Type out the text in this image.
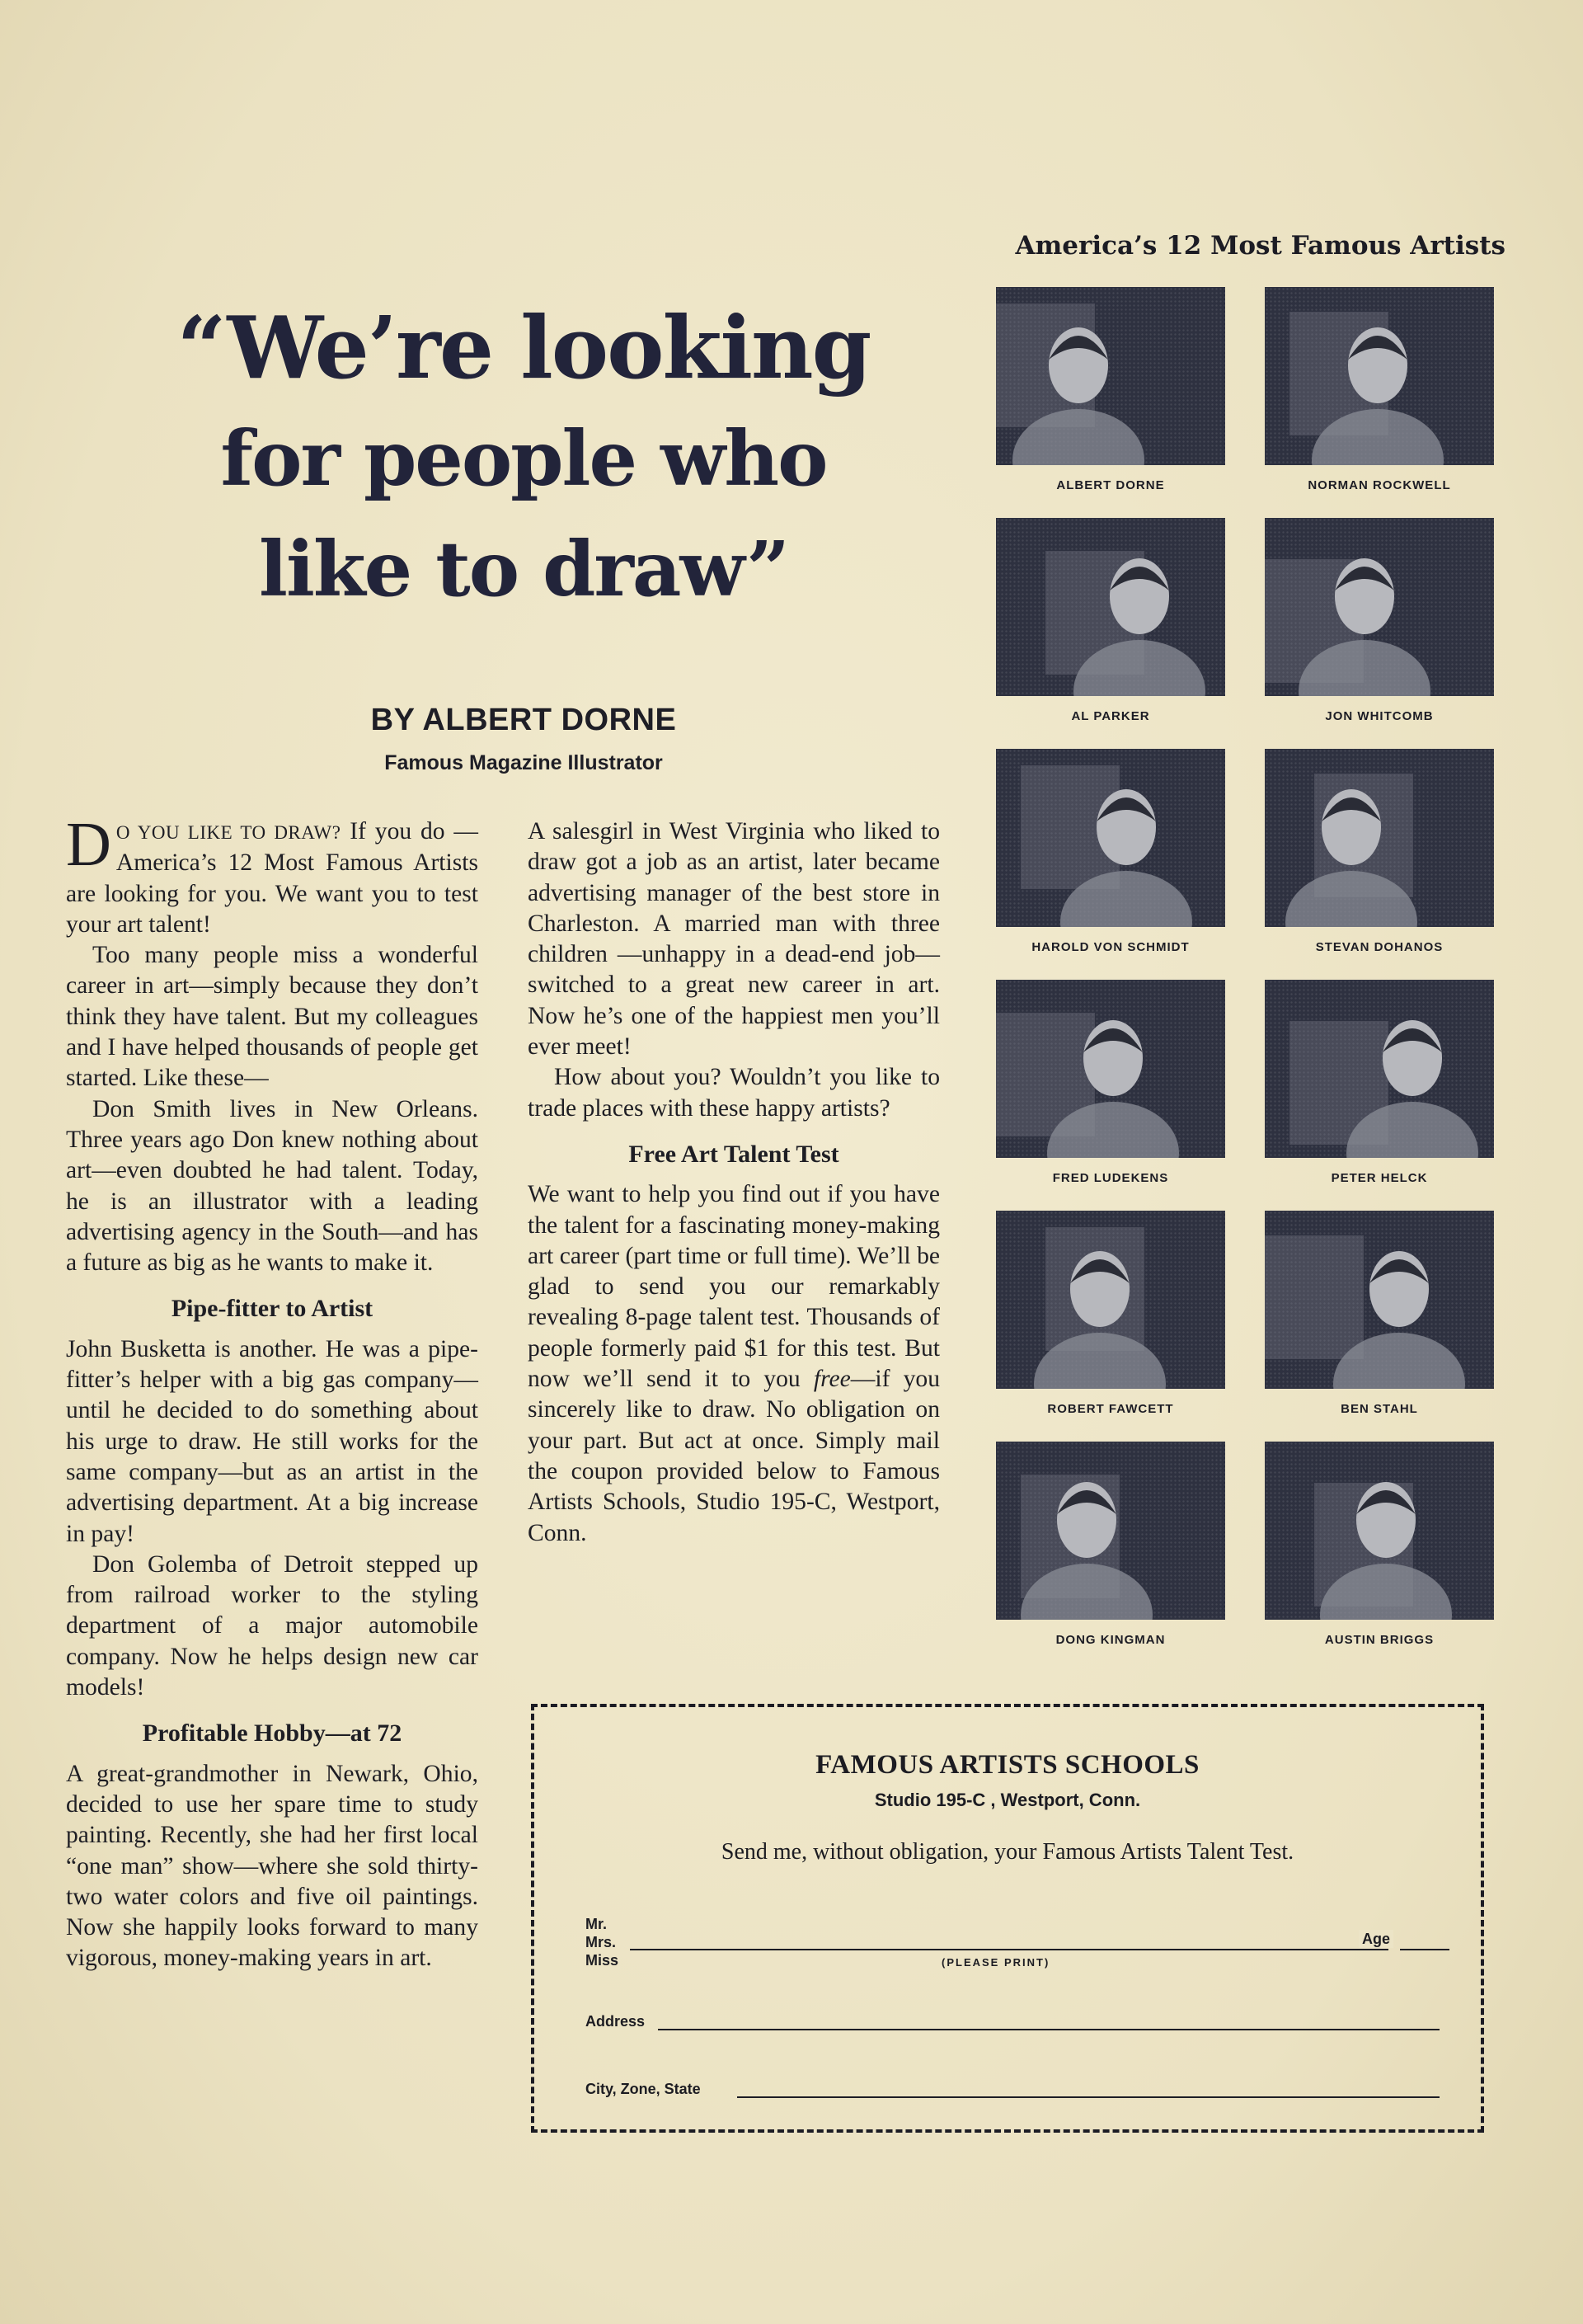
“We’re looking
for people who
like to draw”
BY ALBERT DORNE
Famous Magazine Illustrator

D O YOU LIKE TO DRAW? If you do —America’s 12 Most Famous Artists are looking for you. We want you to test your art talent!

Too many people miss a wonderful career in art—simply because they don’t think they have talent. But my colleagues and I have helped thousands of people get started. Like these—

Don Smith lives in New Orleans. Three years ago Don knew nothing about art—even doubted he had talent. Today, he is an illustrator with a leading advertising agency in the South—and has a future as big as he wants to make it.

Pipe-fitter to Artist

John Busketta is another. He was a pipe-fitter’s helper with a big gas company—until he decided to do something about his urge to draw. He still works for the same company—but as an artist in the advertising department. At a big increase in pay!

Don Golemba of Detroit stepped up from railroad worker to the styling department of a major automobile company. Now he helps design new car models!

Profitable Hobby—at 72

A great-grandmother in Newark, Ohio, decided to use her spare time to study painting. Recently, she had her first local “one man” show—where she sold thirty-two water colors and five oil paintings. Now she happily looks forward to many vigorous, money-making years in art.

A salesgirl in West Virginia who liked to draw got a job as an artist, later became advertising manager of the best store in Charleston. A married man with three children —unhappy in a dead-end job— switched to a great new career in art. Now he’s one of the happiest men you’ll ever meet!

How about you? Wouldn’t you like to trade places with these happy artists?

Free Art Talent Test

We want to help you find out if you have the talent for a fascinating money-making art career (part time or full time). We’ll be glad to send you our remarkably revealing 8-page talent test. Thousands of people formerly paid $1 for this test. But now we’ll send it to you free—if you sincerely like to draw. No obligation on your part. But act at once. Simply mail the coupon provided below to Famous Artists Schools, Studio 195-C, Westport, Conn.

America’s 12 Most Famous Artists
ALBERT DORNE	NORMAN ROCKWELL
AL PARKER	JON WHITCOMB
HAROLD VON SCHMIDT	STEVAN DOHANOS
FRED LUDEKENS	PETER HELCK
ROBERT FAWCETT	BEN STAHL
DONG KINGMAN	AUSTIN BRIGGS
FAMOUS ARTISTS SCHOOLS
Studio 195-C , Westport, Conn.
Send me, without obligation, your Famous Artists Talent Test.
Mr.
Mrs.
Miss	(PLEASE PRINT)
Age
Address
City, Zone, State
